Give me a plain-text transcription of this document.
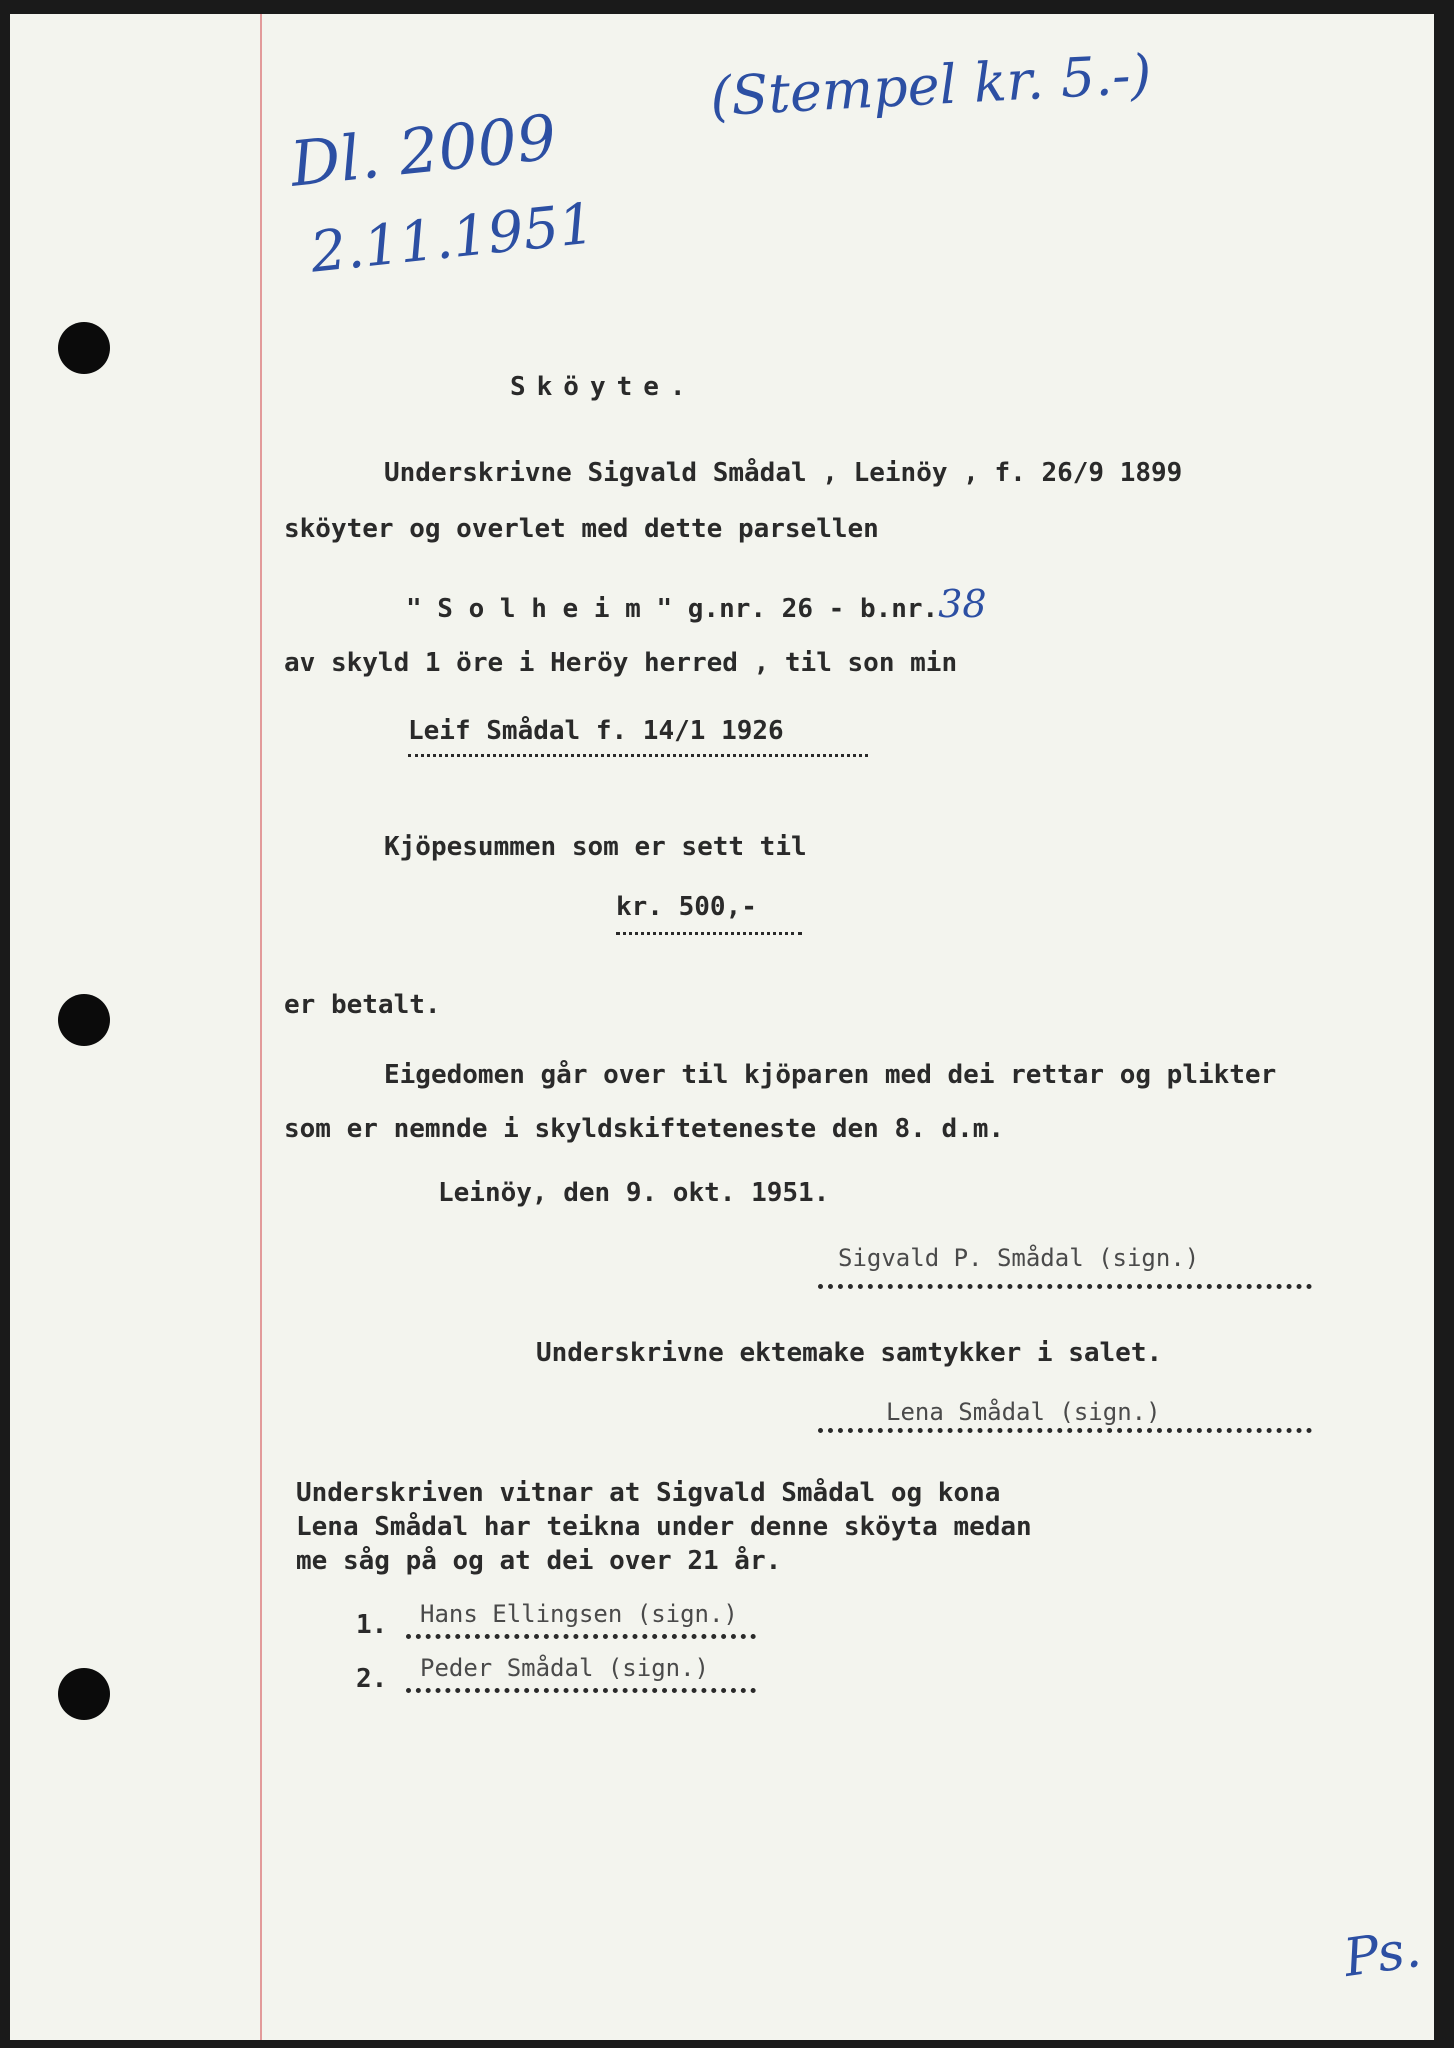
Dl. 2009
2.11.1951
(Stempel kr. 5.-)
Ps.
Sköyte.
Underskrivne Sigvald Smådal , Leinöy , f. 26/9 1899
sköyter og overlet med dette parsellen
" S o l h e i m " g.nr. 26 - b.nr.38
av skyld 1 öre i Heröy herred , til son min
Leif Smådal f. 14/1 1926
Kjöpesummen som er sett til
kr. 500,-
er betalt.
Eigedomen går over til kjöparen med dei rettar og plikter
som er nemnde i skyldskifteteneste den 8. d.m.
Leinöy, den 9. okt. 1951.
Sigvald P. Smådal (sign.)
Underskrivne ektemake samtykker i salet.
Lena Smådal (sign.)
Underskriven vitnar at Sigvald Smådal og kona
Lena Smådal har teikna under denne sköyta medan
me såg på og at dei over 21 år.
1. Hans Ellingsen (sign.)
2. Peder Smådal (sign.)
